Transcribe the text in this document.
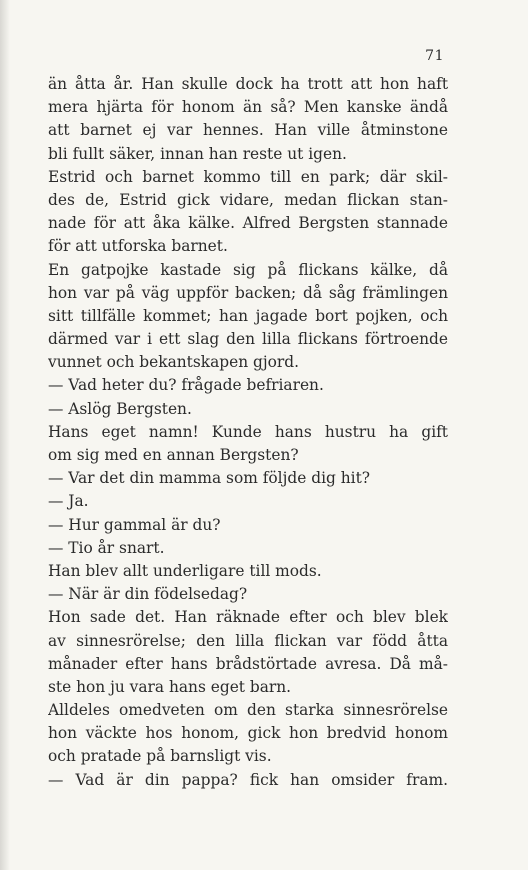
71
än åtta år. Han skulle dock ha trott att hon haft
mera hjärta för honom än så? Men kanske ändå
att barnet ej var hennes. Han ville åtminstone
bli fullt säker, innan han reste ut igen.
Estrid och barnet kommo till en park; där skil-
des de, Estrid gick vidare, medan flickan stan-
nade för att åka kälke. Alfred Bergsten stannade
för att utforska barnet.
En gatpojke kastade sig på flickans kälke, då
hon var på väg uppför backen; då såg främlingen
sitt tillfälle kommet; han jagade bort pojken, och
därmed var i ett slag den lilla flickans förtroende
vunnet och bekantskapen gjord.
— Vad heter du? frågade befriaren.
— Aslög Bergsten.
Hans eget namn! Kunde hans hustru ha gift
om sig med en annan Bergsten?
— Var det din mamma som följde dig hit?
— Ja.
— Hur gammal är du?
— Tio år snart.
Han blev allt underligare till mods.
— När är din födelsedag?
Hon sade det. Han räknade efter och blev blek
av sinnesrörelse; den lilla flickan var född åtta
månader efter hans brådstörtade avresa. Då må-
ste hon ju vara hans eget barn.
Alldeles omedveten om den starka sinnesrörelse
hon väckte hos honom, gick hon bredvid honom
och pratade på barnsligt vis.
— Vad är din pappa? fick han omsider fram.
